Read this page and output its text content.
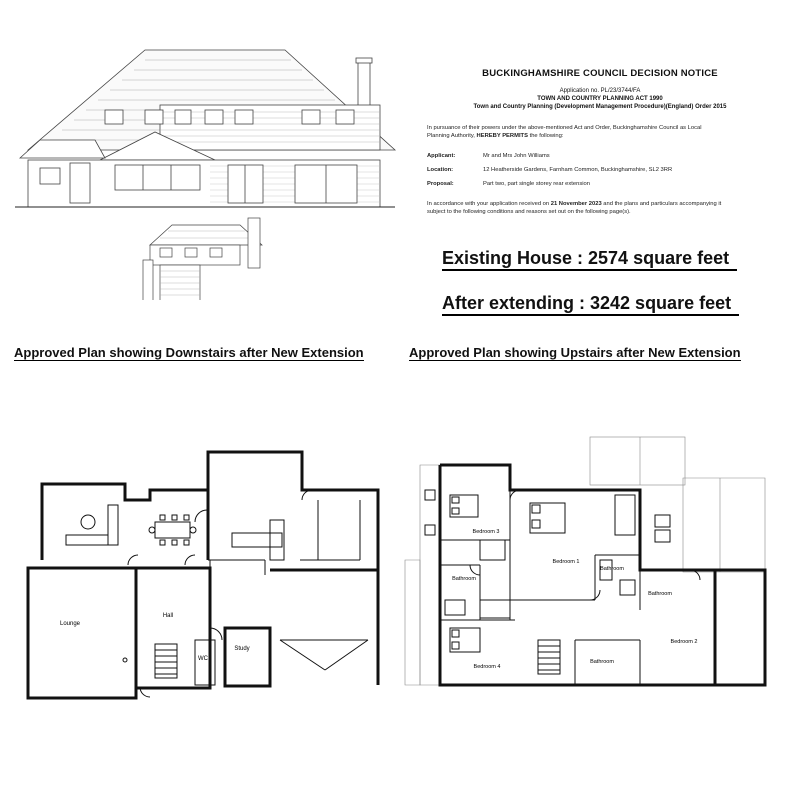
BUCKINGHAMSHIRE COUNCIL DECISION NOTICE
Application no. PL/23/3744/FA
TOWN AND COUNTRY PLANNING ACT 1990
Town and Country Planning (Development Management Procedure)(England) Order 2015
In pursuance of their powers under the above-mentioned Act and Order, Buckinghamshire Council as Local
Planning Authority, HEREBY PERMITS the following:
Applicant:	Mr and Mrs John Williams
Location:	12 Heatherside Gardens, Farnham Common, Buckinghamshire, SL2 3RR
Proposal:	Part two, part single storey rear extension
In accordance with your application received on 21 November 2023 and the plans and particulars accompanying it
subject to the following conditions and reasons set out on the following page(s).
Existing House : 2574 square feet
After extending : 3242 square feet
Approved Plan showing Downstairs after New Extension	Approved Plan showing Upstairs after New Extension
Lounge
Hall
WC
Study
Bedroom 3
Bedroom 1
Bathroom
Bathroom
Bathroom
Bedroom 4
Bathroom
Bedroom 2
